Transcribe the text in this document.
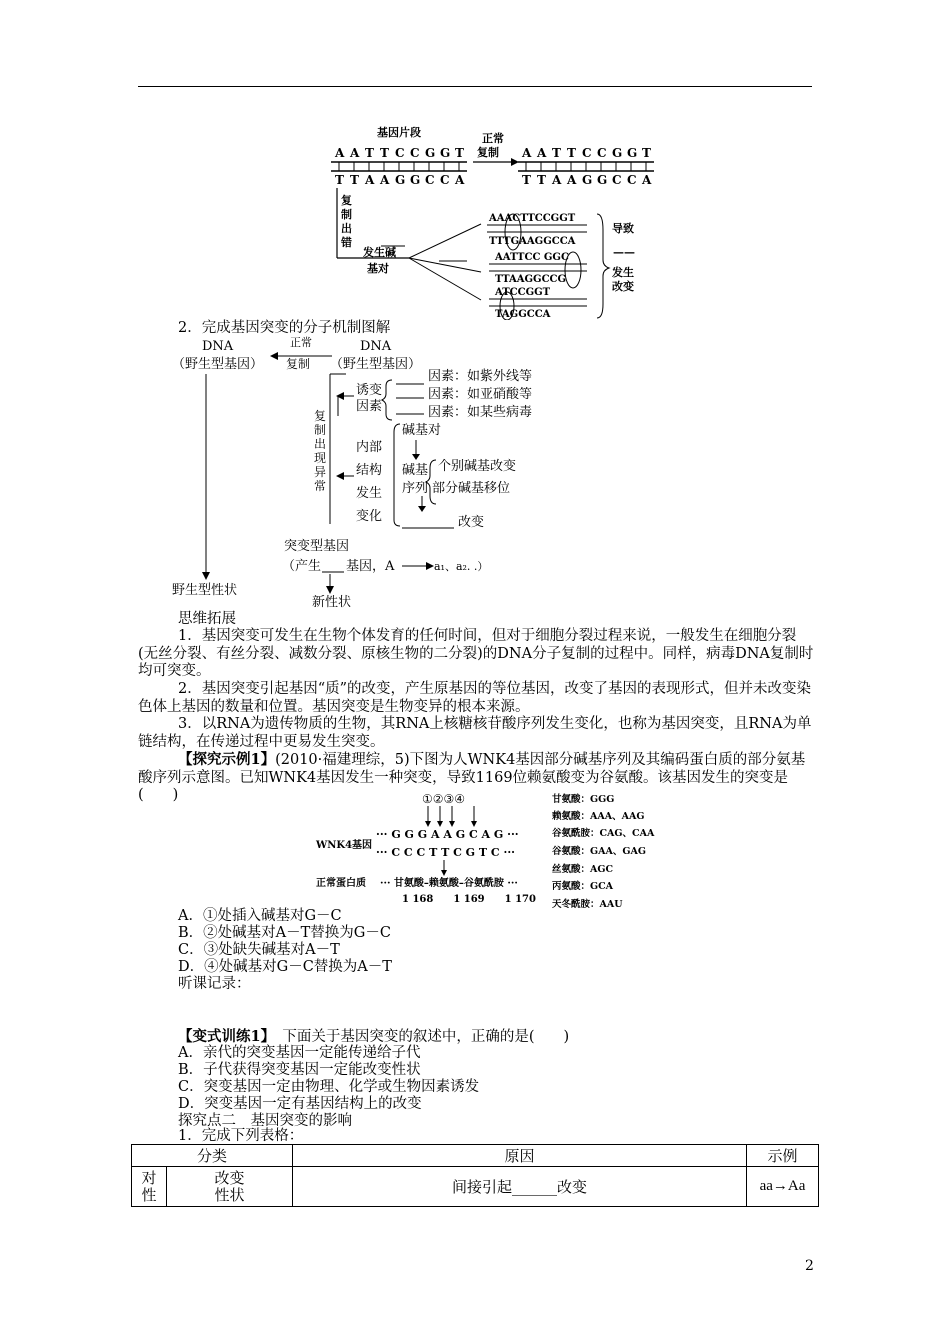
基因片段	正常
复制
A A T T C C G G T
T T A A G G C C A
A A T T C C G G T
T T A A G G C C A
复
制
出
错
发生碱
基对
AAACTTCCGGT
TTTGAAGGCCA
AATTCC GGC
TTAAGGCCG
ATCCGGT
TAGGCCA
导致
——
发生
改变
2．完成基因突变的分子机制图解
DNA
（野生型基因）
正常
复制
DNA
（野生型基因）
野生型性状
复
制
出
现
异
常
诱变
因素
因素：如紫外线等
因素：如亚硝酸等
因素：如某些病毒
内部
结构
发生
变化
碱基对
碱基
序列
个别碱基改变
部分碱基移位
改变
突变型基因
（产生 基因，A	a₁、a₂. .）
新性状
思维拓展
1．基因突变可发生在生物个体发育的任何时间，但对于细胞分裂过程来说，一般发生在细胞分裂(无丝分裂、有丝分裂、减数分裂、原核生物的二分裂)的DNA分子复制的过程中。同样，病毒DNA复制时均可突变。
2．基因突变引起基因“质”的改变，产生原基因的等位基因，改变了基因的表现形式，但并未改变染色体上基因的数量和位置。基因突变是生物变异的根本来源。
3．以RNA为遗传物质的生物，其RNA上核糖核苷酸序列发生变化，也称为基因突变，且RNA为单链结构，在传递过程中更易发生突变。
【探究示例1】(2010·福建理综，5)下图为人WNK4基因部分碱基序列及其编码蛋白质的部分氨基酸序列示意图。已知WNK4基因发生一种突变，导致1169位赖氨酸变为谷氨酸。该基因发生的突变是(　　)	①②③④
WNK4基因
··· G G G A A G C A G ···
··· C C C T T C G T C ···
正常蛋白质 ··· 甘氨酸–赖氨酸–谷氨酰胺 ···
1 168　　1 169　　1 170
甘氨酸：GGG
赖氨酸：AAA、AAG
谷氨酰胺：CAG、CAA
谷氨酸：GAA、GAG
丝氨酸：AGC
丙氨酸：GCA
天冬酰胺：AAU
A．①处插入碱基对G－C
B．②处碱基对A－T替换为G－C
C．③处缺失碱基对A－T
D．④处碱基对G－C替换为A－T
听课记录：
【变式训练1】　下面关于基因突变的叙述中，正确的是(　　)
A．亲代的突变基因一定能传递给子代
B．子代获得突变基因一定能改变性状
C．突变基因一定由物理、化学或生物因素诱发
D．突变基因一定有基因结构上的改变
探究点二　基因突变的影响
1．完成下列表格：
分类		原因	示例
对性	改变性状	间接引起______改变	aa→Aa
2
